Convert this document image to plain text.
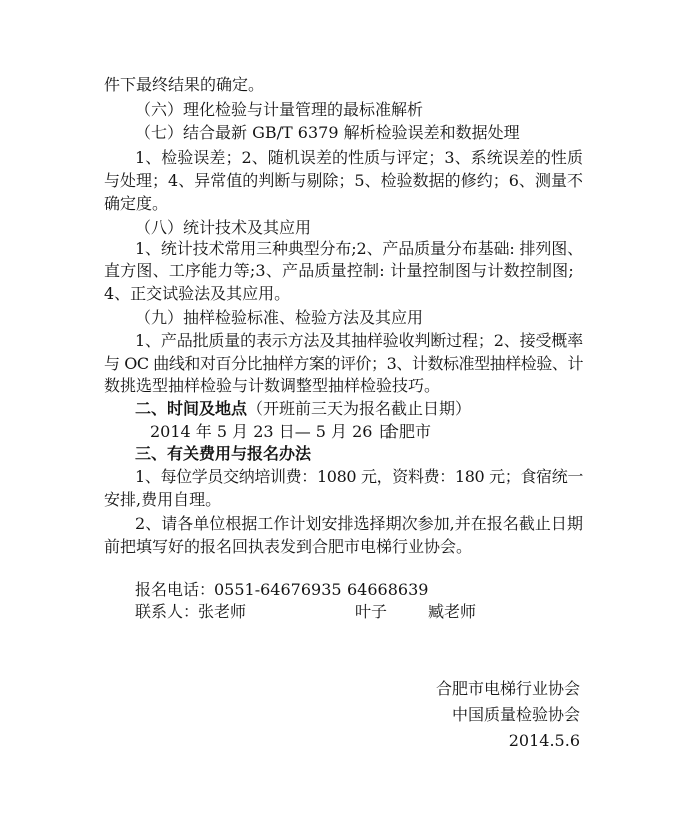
件下最终结果的确定。
（六）理化检验与计量管理的最标准解析
（七）结合最新 GB/T 6379 解析检验误差和数据处理
1、检验误差；2、随机误差的性质与评定；3、系统误差的性质
与处理；4、异常值的判断与剔除；5、检验数据的修约；6、测量不
确定度。
（八）统计技术及其应用
1、统计技术常用三种典型分布;2、产品质量分布基础: 排列图、
直方图、工序能力等;3、产品质量控制: 计量控制图与计数控制图;
4、正交试验法及其应用。
（九）抽样检验标准、检验方法及其应用
1、产品批质量的表示方法及其抽样验收判断过程；2、接受概率
与 OC 曲线和对百分比抽样方案的评价；3、计数标准型抽样检验、计
数挑选型抽样检验与计数调整型抽样检验技巧。
二、时间及地点（开班前三天为报名截止日期）
2014 年 5 月 23 日— 5 月 26 日
合肥市
三、有关费用与报名办法
1、每位学员交纳培训费：1080 元，资料费：180 元；食宿统一
安排,费用自理。
2、请各单位根据工作计划安排选择期次参加,并在报名截止日期
前把填写好的报名回执表发到合肥市电梯行业协会。
报名电话：
0551-64676935 64668639
联系人：
张老师	叶子	臧老师
合肥市电梯行业协会
中国质量检验协会
2014.5.6
